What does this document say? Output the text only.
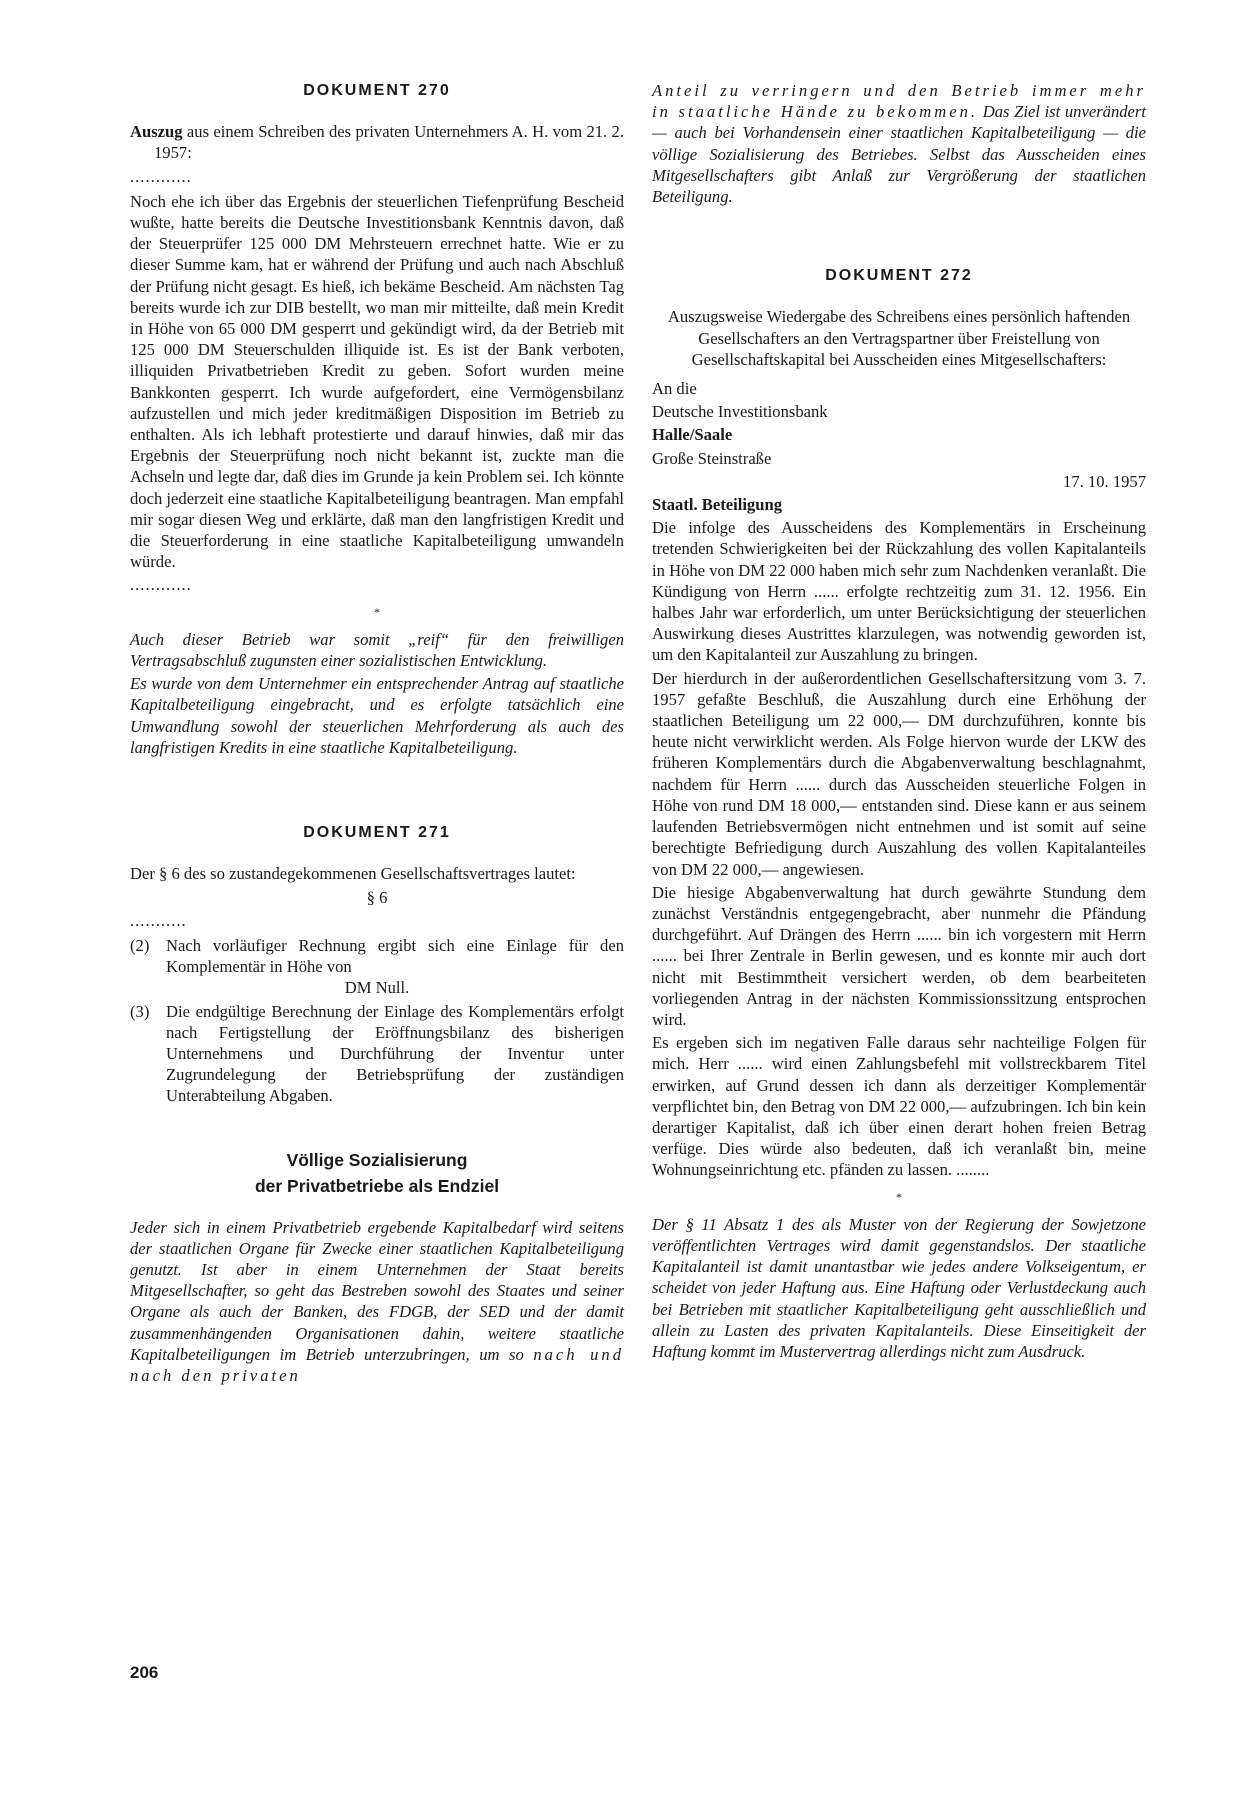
DOKUMENT 270

Auszug aus einem Schreiben des privaten Unternehmers A. H. vom 21. 2. 1957:

............

Noch ehe ich über das Ergebnis der steuerlichen Tiefenprüfung Bescheid wußte, hatte bereits die Deutsche Investitionsbank Kenntnis davon, daß der Steuerprüfer 125 000 DM Mehrsteuern errechnet hatte. Wie er zu dieser Summe kam, hat er während der Prüfung und auch nach Abschluß der Prüfung nicht gesagt. Es hieß, ich bekäme Bescheid. Am nächsten Tag bereits wurde ich zur DIB bestellt, wo man mir mitteilte, daß mein Kredit in Höhe von 65 000 DM gesperrt und gekündigt wird, da der Betrieb mit 125 000 DM Steuerschulden illiquide ist. Es ist der Bank verboten, illiquiden Privatbetrieben Kredit zu geben. Sofort wurden meine Bankkonten gesperrt. Ich wurde aufgefordert, eine Vermögensbilanz aufzustellen und mich jeder kreditmäßigen Disposition im Betrieb zu enthalten. Als ich lebhaft protestierte und darauf hinwies, daß mir das Ergebnis der Steuerprüfung noch nicht bekannt ist, zuckte man die Achseln und legte dar, daß dies im Grunde ja kein Problem sei. Ich könnte doch jederzeit eine staatliche Kapitalbeteiligung beantragen. Man empfahl mir sogar diesen Weg und erklärte, daß man den langfristigen Kredit und die Steuerforderung in eine staatliche Kapitalbeteiligung umwandeln würde.

............

*

Auch dieser Betrieb war somit „reif“ für den freiwilligen Vertragsabschluß zugunsten einer sozialistischen Entwicklung.

Es wurde von dem Unternehmer ein entsprechender Antrag auf staatliche Kapitalbeteiligung eingebracht, und es erfolgte tatsächlich eine Umwandlung sowohl der steuerlichen Mehrforderung als auch des langfristigen Kredits in eine staatliche Kapitalbeteiligung.

DOKUMENT 271

Der § 6 des so zustandegekommenen Gesellschaftsvertrages lautet:

§ 6

...........

(2)	Nach vorläufiger Rechnung ergibt sich eine Einlage für den Komplementär in Höhe von

DM Null.

(3)	Die endgültige Berechnung der Einlage des Komplementärs erfolgt nach Fertigstellung der Eröffnungsbilanz des bisherigen Unternehmens und Durchführung der Inventur unter Zugrundelegung der Betriebsprüfung der zuständigen Unterabteilung Abgaben.
Völlige Sozialisierung
der Privatbetriebe als Endziel

Jeder sich in einem Privatbetrieb ergebende Kapitalbedarf wird seitens der staatlichen Organe für Zwecke einer staatlichen Kapitalbeteiligung genutzt. Ist aber in einem Unternehmen der Staat bereits Mitgesellschafter, so geht das Bestreben sowohl des Staates und seiner Organe als auch der Banken, des FDGB, der SED und der damit zusammenhängenden Organisationen dahin, weitere staatliche Kapitalbeteiligungen im Betrieb unterzubringen, um so nach und nach den privaten

Anteil zu verringern und den Betrieb immer mehr in staatliche Hände zu bekommen. Das Ziel ist unverändert — auch bei Vorhandensein einer staatlichen Kapitalbeteiligung — die völlige Sozialisierung des Betriebes. Selbst das Ausscheiden eines Mitgesellschafters gibt Anlaß zur Vergrößerung der staatlichen Beteiligung.

DOKUMENT 272

Auszugsweise Wiedergabe des Schreibens eines persönlich haftenden Gesellschafters an den Vertragspartner über Freistellung von Gesellschaftskapital bei Ausscheiden eines Mitgesellschafters:

An die

Deutsche Investitionsbank

Halle/Saale

Große Steinstraße

17. 10. 1957

Staatl. Beteiligung

Die infolge des Ausscheidens des Komplementärs in Erscheinung tretenden Schwierigkeiten bei der Rückzahlung des vollen Kapitalanteils in Höhe von DM 22 000 haben mich sehr zum Nachdenken veranlaßt. Die Kündigung von Herrn ...... erfolgte rechtzeitig zum 31. 12. 1956. Ein halbes Jahr war erforderlich, um unter Berücksichtigung der steuerlichen Auswirkung dieses Austrittes klarzulegen, was notwendig geworden ist, um den Kapitalanteil zur Auszahlung zu bringen.

Der hierdurch in der außerordentlichen Gesellschaftersitzung vom 3. 7. 1957 gefaßte Beschluß, die Auszahlung durch eine Erhöhung der staatlichen Beteiligung um 22 000,— DM durchzuführen, konnte bis heute nicht verwirklicht werden. Als Folge hiervon wurde der LKW des früheren Komplementärs durch die Abgabenverwaltung beschlagnahmt, nachdem für Herrn ...... durch das Ausscheiden steuerliche Folgen in Höhe von rund DM 18 000,— entstanden sind. Diese kann er aus seinem laufenden Betriebsvermögen nicht entnehmen und ist somit auf seine berechtigte Befriedigung durch Auszahlung des vollen Kapitalanteiles von DM 22 000,— angewiesen.

Die hiesige Abgabenverwaltung hat durch gewährte Stundung dem zunächst Verständnis entgegengebracht, aber nunmehr die Pfändung durchgeführt. Auf Drängen des Herrn ...... bin ich vorgestern mit Herrn ...... bei Ihrer Zentrale in Berlin gewesen, und es konnte mir auch dort nicht mit Bestimmtheit versichert werden, ob dem bearbeiteten vorliegenden Antrag in der nächsten Kommissionssitzung entsprochen wird.

Es ergeben sich im negativen Falle daraus sehr nachteilige Folgen für mich. Herr ...... wird einen Zahlungsbefehl mit vollstreckbarem Titel erwirken, auf Grund dessen ich dann als derzeitiger Komplementär verpflichtet bin, den Betrag von DM 22 000,— aufzubringen. Ich bin kein derartiger Kapitalist, daß ich über einen derart hohen freien Betrag verfüge. Dies würde also bedeuten, daß ich veranlaßt bin, meine Wohnungseinrichtung etc. pfänden zu lassen. ........

*

Der § 11 Absatz 1 des als Muster von der Regierung der Sowjetzone veröffentlichten Vertrages wird damit gegenstandslos. Der staatliche Kapitalanteil ist damit unantastbar wie jedes andere Volkseigentum, er scheidet von jeder Haftung aus. Eine Haftung oder Verlustdeckung auch bei Betrieben mit staatlicher Kapitalbeteiligung geht ausschließlich und allein zu Lasten des privaten Kapitalanteils. Diese Einseitigkeit der Haftung kommt im Mustervertrag allerdings nicht zum Ausdruck.

206
